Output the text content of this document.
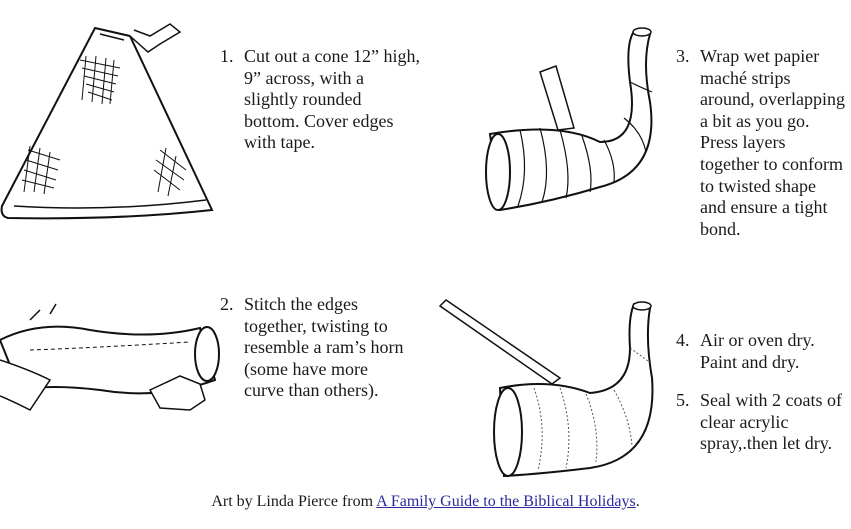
1. Cut out a cone 12” high, 9” across, with a slightly rounded bottom. Cover edges with tape.
2. Stitch the edges together, twisting to resemble a ram’s horn (some have more curve than others).
3. Wrap wet papier maché strips around, overlapping a bit as you go. Press layers together to conform to twisted shape and ensure a tight bond.
4. Air or oven dry. Paint and dry.
5. Seal with 2 coats of clear acrylic spray,.then let dry.
Art by Linda Pierce from A Family Guide to the Biblical Holidays.
